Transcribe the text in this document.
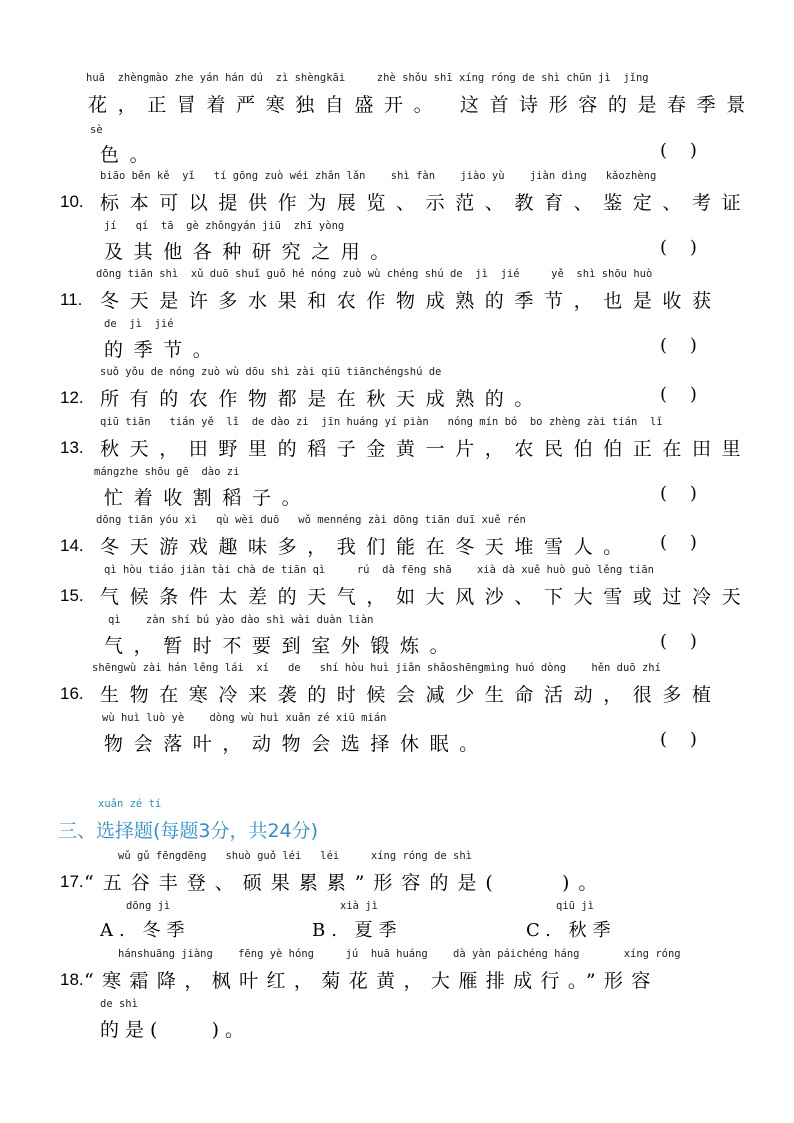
huā  zhèngmào zhe yán hán dú  zì shèngkāi     zhè shǒu shī xíng róng de shì chūn jì  jǐng
花，正冒着严寒独自盛开。 这首诗形容的是春季景
sè
色。	(    )
biāo běn kě  yǐ   tí gōng zuò wéi zhǎn lǎn    shì fàn    jiào yù    jiàn dìng   kǎozhèng
10. 标本可以提供作为展览、示范、教育、鉴定、考证
jí   qí  tā  gè zhǒngyán jiū  zhī yòng
及其他各种研究之用。	(    )
dōng tiān shì  xǔ duō shuǐ guǒ hé nóng zuò wù chéng shú de  jì  jié     yě  shì shōu huò
11. 冬天是许多水果和农作物成熟的季节，也是收获
de  jì  jié
的季节。	(    )
suǒ yǒu de nóng zuò wù dōu shì zài qiū tiānchéngshú de
12. 所有的农作物都是在秋天成熟的。	(    )
qiū tiān   tián yě  lǐ  de dào zi  jīn huáng yí piàn   nóng mín bó  bo zhèng zài tián  lǐ
13. 秋天，田野里的稻子金黄一片，农民伯伯正在田里
mángzhe shōu gē  dào zi
忙着收割稻子。	(    )
dōng tiān yóu xì   qù wèi duō   wǒ mennéng zài dōng tiān duī xuě rén
14. 冬天游戏趣味多，我们能在冬天堆雪人。 (    )
qì hòu tiáo jiàn tài chà de tiān qì     rú  dà fēng shā    xià dà xuě huò guò lěng tiān
15. 气候条件太差的天气，如大风沙、下大雪或过冷天
qì    zàn shí bú yào dào shì wài duàn liàn
气，暂时不要到室外锻炼。	(    )
shēngwù zài hán lěng lái  xí   de   shí hòu huì jiǎn shǎoshēngmìng huó dòng    hěn duō zhí
16. 生物在寒冷来袭的时候会减少生命活动，很多植
wù huì luò yè    dòng wù huì xuǎn zé xiū mián
物会落叶，动物会选择休眠。	(    )
xuǎn zé tí
三、选择题(每题3分，共24分)
wǔ gǔ fēngdēng   shuò guǒ léi   léi     xíng róng de shì
17. “五谷丰登、硕果累累”形容的是(    )。
dōng jì
A. 冬季
xià jì
B. 夏季
qiū jì
C. 秋季
hánshuāng jiàng    fēng yè hóng     jú  huā huáng    dà yàn páichéng háng       xíng róng
18. “寒霜降，枫叶红，菊花黄，大雁排成行。”形容
de shì
的是(    )。
